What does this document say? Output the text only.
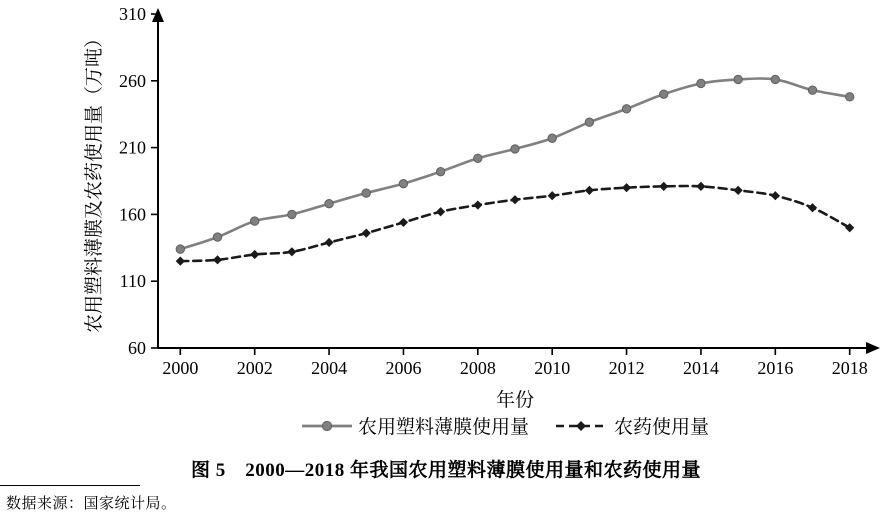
60
110
160
210
260
310
2000 2002 2004 2006 2008 2010 2012 2014 2016 2018
年份
农用塑料薄膜及农药使用量（万吨）
农用塑料薄膜使用量	农药使用量
图 5　2000—2018 年我国农用塑料薄膜使用量和农药使用量
数据来源：国家统计局。
